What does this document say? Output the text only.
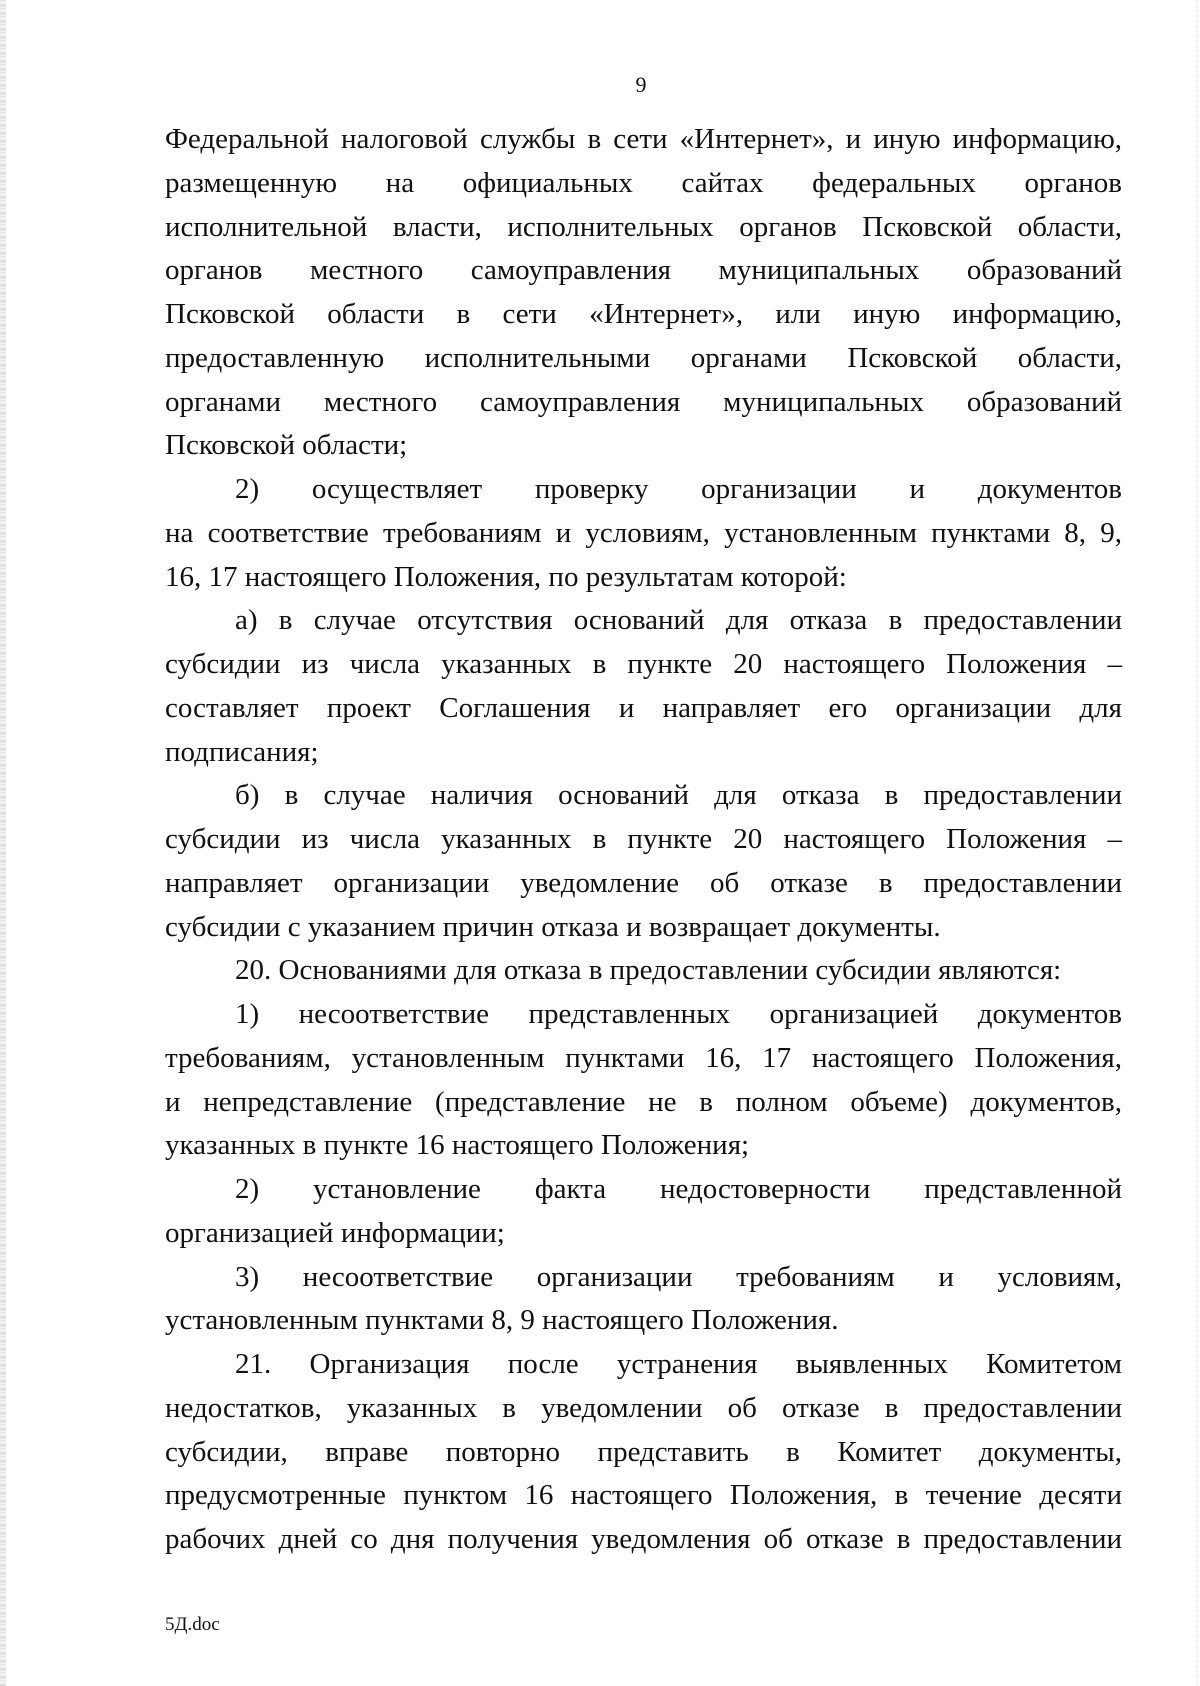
9
Федеральной налоговой службы в сети «Интернет», и иную информацию,
размещенную на официальных сайтах федеральных органов
исполнительной власти, исполнительных органов Псковской области,
органов местного самоуправления муниципальных образований
Псковской области в сети «Интернет», или иную информацию,
предоставленную исполнительными органами Псковской области,
органами местного самоуправления муниципальных образований
Псковской области;
2) осуществляет проверку организации и документов
на соответствие требованиям и условиям, установленным пунктами 8, 9,
16, 17 настоящего Положения, по результатам которой:
а) в случае отсутствия оснований для отказа в предоставлении
субсидии из числа указанных в пункте 20 настоящего Положения –
составляет проект Соглашения и направляет его организации для
подписания;
б) в случае наличия оснований для отказа в предоставлении
субсидии из числа указанных в пункте 20 настоящего Положения –
направляет организации уведомление об отказе в предоставлении
субсидии с указанием причин отказа и возвращает документы.
20. Основаниями для отказа в предоставлении субсидии являются:
1) несоответствие представленных организацией документов
требованиям, установленным пунктами 16, 17 настоящего Положения,
и непредставление (представление не в полном объеме) документов,
указанных в пункте 16 настоящего Положения;
2) установление факта недостоверности представленной
организацией информации;
3) несоответствие организации требованиям и условиям,
установленным пунктами 8, 9 настоящего Положения.
21. Организация после устранения выявленных Комитетом
недостатков, указанных в уведомлении об отказе в предоставлении
субсидии, вправе повторно представить в Комитет документы,
предусмотренные пунктом 16 настоящего Положения, в течение десяти
рабочих дней со дня получения уведомления об отказе в предоставлении
5Д.doc
